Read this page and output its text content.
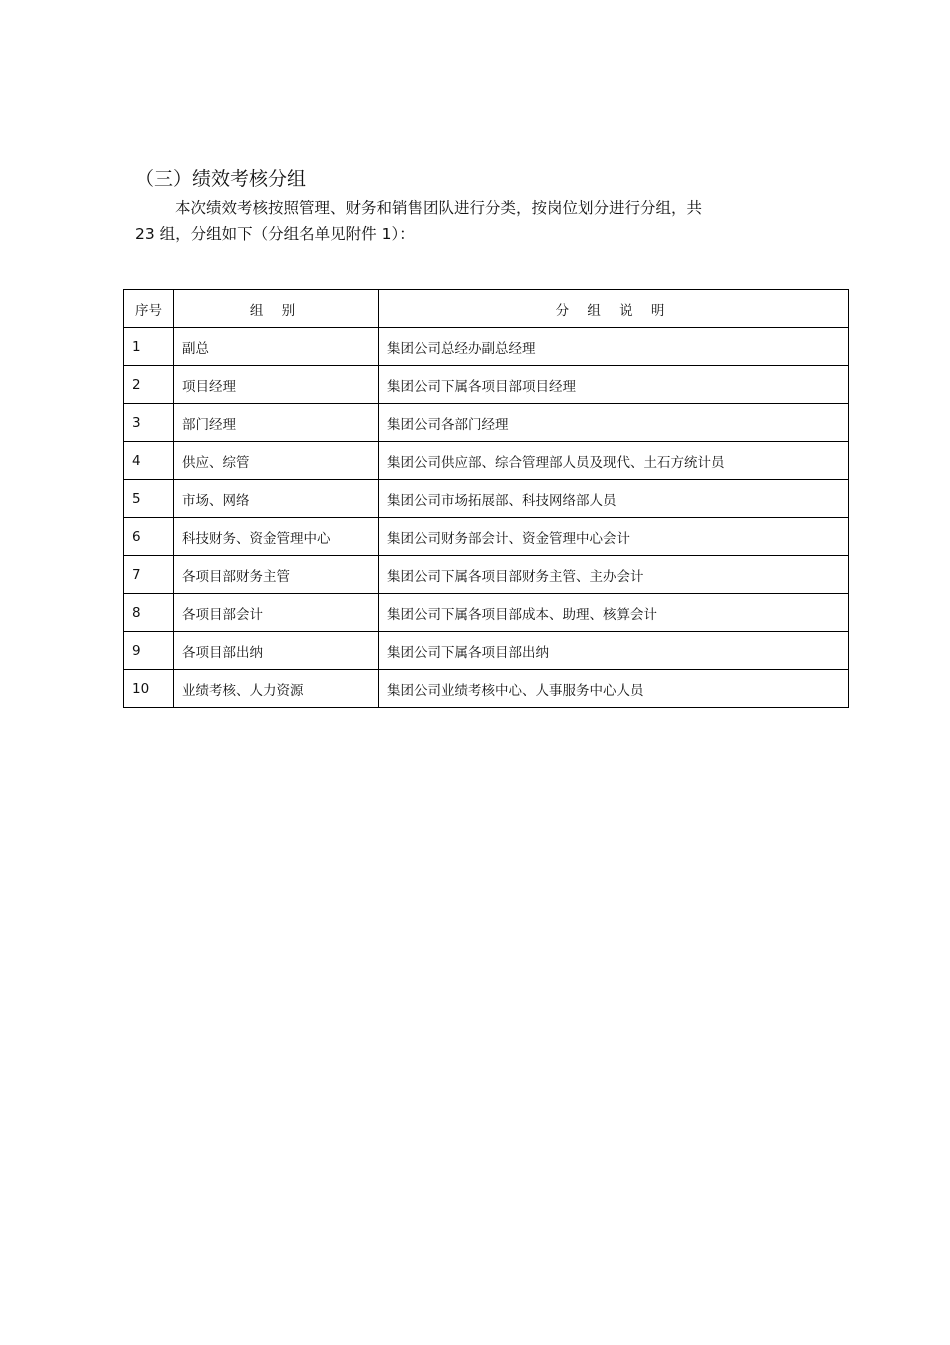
（三）绩效考核分组
本次绩效考核按照管理、财务和销售团队进行分类，按岗位划分进行分组，共
23 组，分组如下（分组名单见附件 1）：
序号	组 别	分 组 说 明
1	副总	集团公司总经办副总经理
2	项目经理	集团公司下属各项目部项目经理
3	部门经理	集团公司各部门经理
4	供应、综管	集团公司供应部、综合管理部人员及现代、土石方统计员
5	市场、网络	集团公司市场拓展部、科技网络部人员
6	科技财务、资金管理中心	集团公司财务部会计、资金管理中心会计
7	各项目部财务主管	集团公司下属各项目部财务主管、主办会计
8	各项目部会计	集团公司下属各项目部成本、助理、核算会计
9	各项目部出纳	集团公司下属各项目部出纳
10	业绩考核、人力资源	集团公司业绩考核中心、人事服务中心人员
